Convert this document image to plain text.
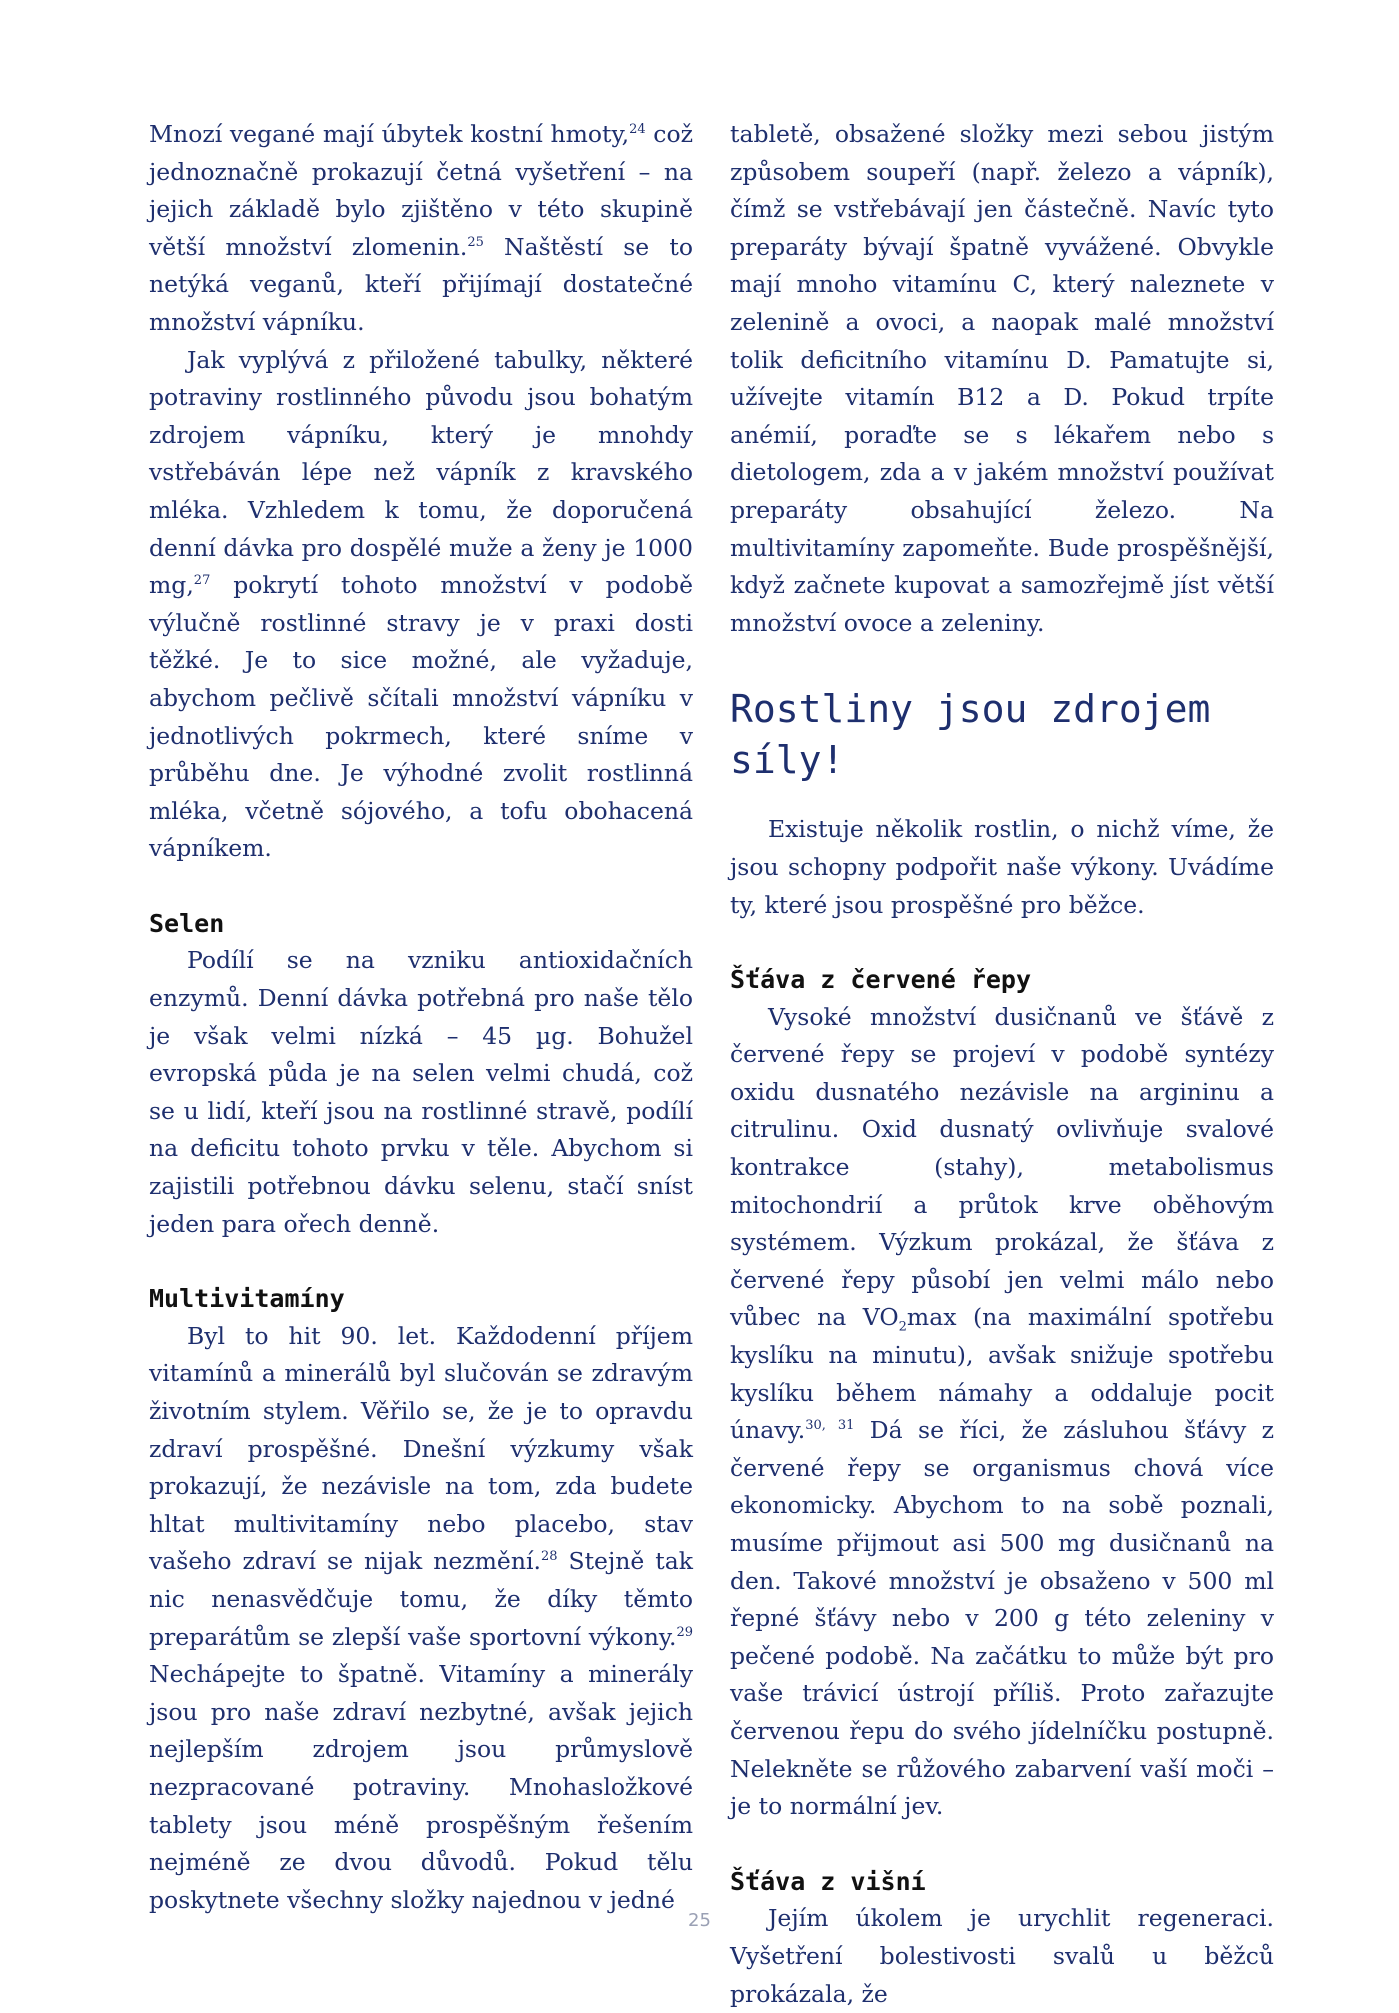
Mnozí vegané mají úbytek kostní hmoty,$^{24}$ což jednoznačně prokazují četná vyšetření – na jejich základě bylo zjištěno v této skupině větší množství zlomenin.$^{25}$ Naštěstí se to netýká veganů, kteří přijímají dostatečné množství vápníku.

Jak vyplývá z přiložené tabulky, některé potraviny rostlinného původu jsou bohatým zdrojem vápníku, který je mnohdy vstřebáván lépe než vápník z kravského mléka. Vzhledem k tomu, že doporučená denní dávka pro dospělé muže a ženy je 1000 mg,$^{27}$ pokrytí tohoto množství v podobě výlučně rostlinné stravy je v praxi dosti těžké. Je to sice možné, ale vyžaduje, abychom pečlivě sčítali množství vápníku v jednotlivých pokrmech, které sníme v průběhu dne. Je výhodné zvolit rostlinná mléka, včetně sójového, a tofu obohacená vápníkem.

Selen

Podílí se na vzniku antioxidačních enzymů. Denní dávka potřebná pro naše tělo je však velmi nízká – 45 µg. Bohužel evropská půda je na selen velmi chudá, což se u lidí, kteří jsou na rostlinné stravě, podílí na deficitu tohoto prvku v těle. Abychom si zajistili potřebnou dávku selenu, stačí sníst jeden para ořech denně.

Multivitamíny

Byl to hit 90. let. Každodenní příjem vitamínů a minerálů byl slučován se zdravým životním stylem. Věřilo se, že je to opravdu zdraví prospěšné. Dnešní výzkumy však prokazují, že nezávisle na tom, zda budete hltat multivitamíny nebo placebo, stav vašeho zdraví se nijak nezmění.$^{28}$ Stejně tak nic nenasvědčuje tomu, že díky těmto preparátům se zlepší vaše sportovní výkony.$^{29}$ Nechápejte to špatně. Vitamíny a minerály jsou pro naše zdraví nezbytné, avšak jejich nejlepším zdrojem jsou průmyslově nezpracované potraviny. Mnohasložkové tablety jsou méně prospěšným řešením nejméně ze dvou důvodů. Pokud tělu poskytnete všechny složky najednou v jedné

tabletě, obsažené složky mezi sebou jistým způsobem soupeří (např. železo a vápník), čímž se vstřebávají jen částečně. Navíc tyto preparáty bývají špatně vyvážené. Obvykle mají mnoho vitamínu C, který naleznete v zelenině a ovoci, a naopak malé množství tolik deficitního vitamínu D. Pamatujte si, užívejte vitamín B12 a D. Pokud trpíte anémií, poraďte se s lékařem nebo s dietologem, zda a v jakém množství používat preparáty obsahující železo. Na multivitamíny zapomeňte. Bude prospěšnější, když začnete kupovat a samozřejmě jíst větší množství ovoce a zeleniny.

Rostliny jsou zdrojem síly!

Existuje několik rostlin, o nichž víme, že jsou schopny podpořit naše výkony. Uvádíme ty, které jsou prospěšné pro běžce.

Šťáva z červené řepy

Vysoké množství dusičnanů ve šťávě z červené řepy se projeví v podobě syntézy oxidu dusnatého nezávisle na argininu a citrulinu. Oxid dusnatý ovlivňuje svalové kontrakce (stahy), metabolismus mitochondrií a průtok krve oběhovým systémem. Výzkum prokázal, že šťáva z červené řepy působí jen velmi málo nebo vůbec na $VO_2\max$ (na maximální spotřebu kyslíku na minutu), avšak snižuje spotřebu kyslíku během námahy a oddaluje pocit únavy.$^{30, 31}$ Dá se říci, že zásluhou šťávy z červené řepy se organismus chová více ekonomicky. Abychom to na sobě poznali, musíme přijmout asi 500 mg dusičnanů na den. Takové množství je obsaženo v 500 ml řepné šťávy nebo v 200 g této zeleniny v pečené podobě. Na začátku to může být pro vaše trávicí ústrojí příliš. Proto zařazujte červenou řepu do svého jídelníčku postupně. Nelekněte se růžového zabarvení vaší moči – je to normální jev.

Šťáva z višní

Jejím úkolem je urychlit regeneraci. Vyšetření bolestivosti svalů u běžců prokázala, že

25
